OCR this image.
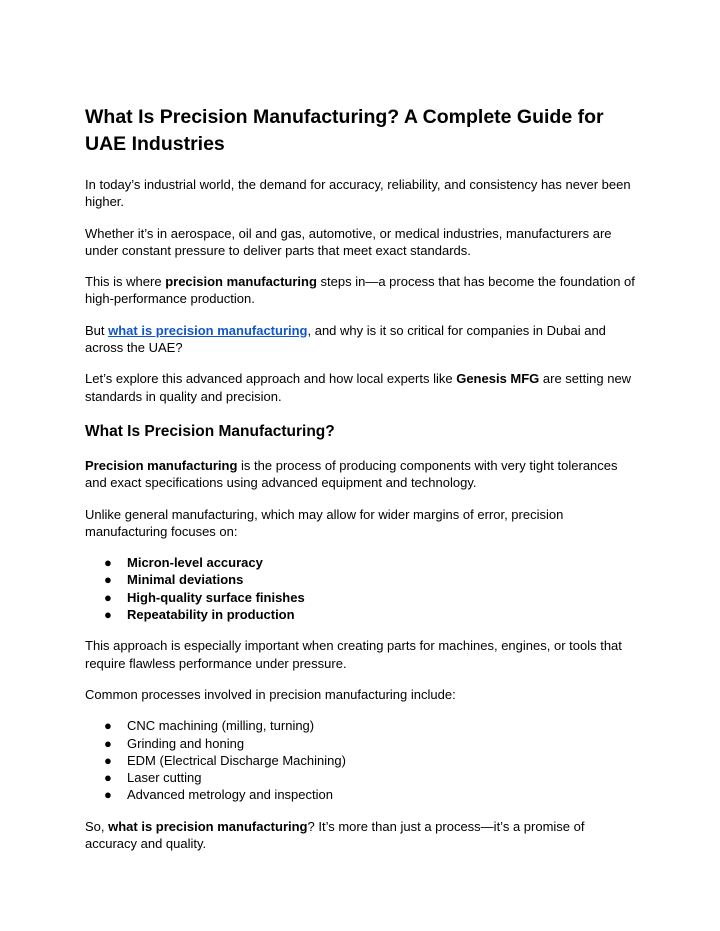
What Is Precision Manufacturing? A Complete Guide for UAE Industries

In today’s industrial world, the demand for accuracy, reliability, and consistency has never been higher.

Whether it’s in aerospace, oil and gas, automotive, or medical industries, manufacturers are under constant pressure to deliver parts that meet exact standards.

This is where precision manufacturing steps in—a process that has become the foundation of high-performance production.

But what is precision manufacturing, and why is it so critical for companies in Dubai and across the UAE?

Let’s explore this advanced approach and how local experts like Genesis MFG are setting new standards in quality and precision.

What Is Precision Manufacturing?

Precision manufacturing is the process of producing components with very tight tolerances and exact specifications using advanced equipment and technology.

Unlike general manufacturing, which may allow for wider margins of error, precision manufacturing focuses on:

● Micron-level accuracy
● Minimal deviations
● High-quality surface finishes
● Repeatability in production

This approach is especially important when creating parts for machines, engines, or tools that require flawless performance under pressure.

Common processes involved in precision manufacturing include:

● CNC machining (milling, turning)
● Grinding and honing
● EDM (Electrical Discharge Machining)
● Laser cutting
● Advanced metrology and inspection

So, what is precision manufacturing? It’s more than just a process—it’s a promise of accuracy and quality.
